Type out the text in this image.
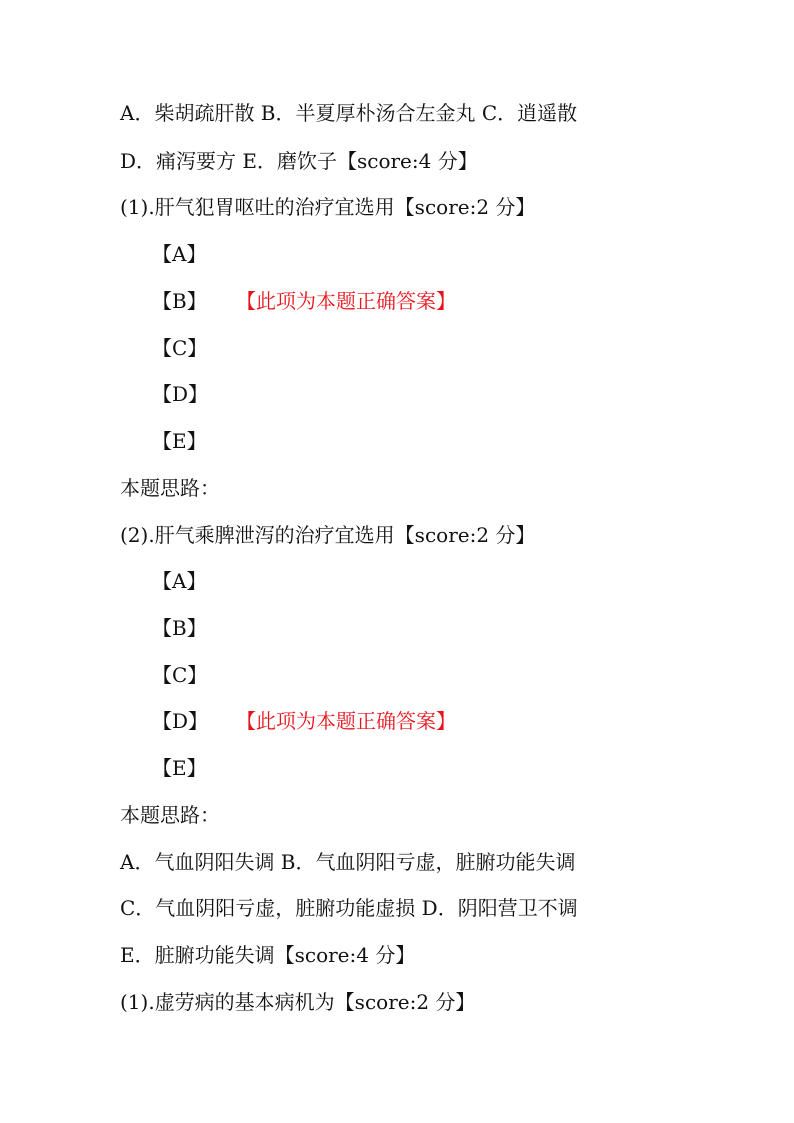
A．柴胡疏肝散 B．半夏厚朴汤合左金丸 C．逍遥散
D．痛泻要方 E．磨饮子【score:4 分】
(1).肝气犯胃呕吐的治疗宜选用【score:2 分】
【A】
【B】 【此项为本题正确答案】
【C】
【D】
【E】
本题思路：
(2).肝气乘脾泄泻的治疗宜选用【score:2 分】
【A】
【B】
【C】
【D】 【此项为本题正确答案】
【E】
本题思路：
A．气血阴阳失调 B．气血阴阳亏虚，脏腑功能失调
C．气血阴阳亏虚，脏腑功能虚损 D．阴阳营卫不调
E．脏腑功能失调【score:4 分】
(1).虚劳病的基本病机为【score:2 分】
